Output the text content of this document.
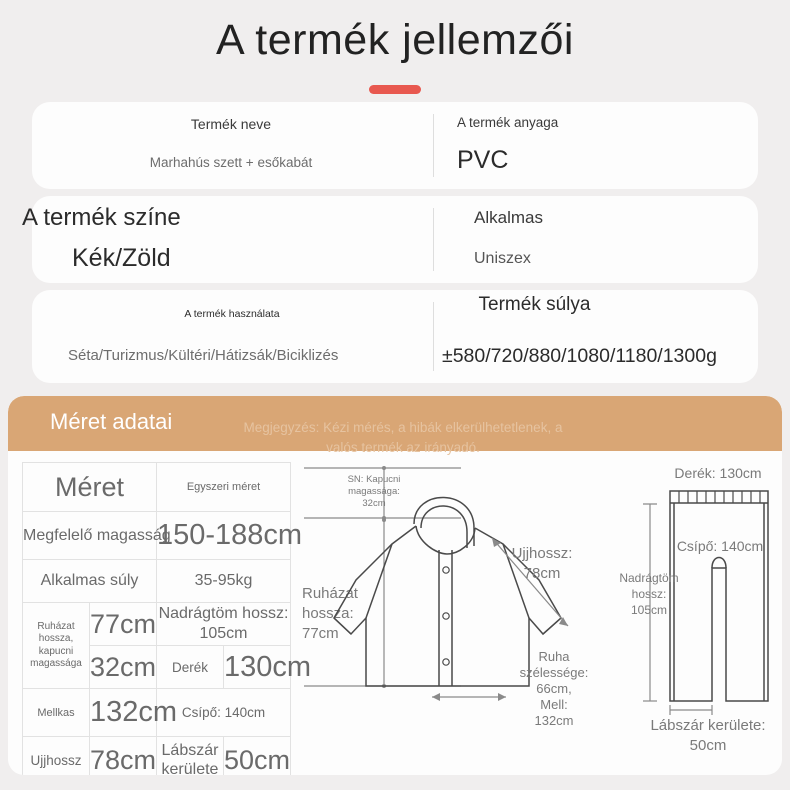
A termék jellemzői
Termék neve
Marhahús szett + esőkabát
A termék anyaga
PVC
A termék színe
Kék/Zöld
Alkalmas
Uniszex
A termék használata
Séta/Turizmus/Kültéri/Hátizsák/Biciklizés
Termék súlya
±580/720/880/1080/1180/1300g
Méret adatai	Megjegyzés: Kézi mérés, a hibák elkerülhetetlenek, a valós termék az irányadó.
Méret		Egyszeri méret	
Megfelelő magasság		150-188cm	
Alkalmas súly		35-95kg	
Ruházat hossza, kapucni magassága	77cm	Nadrágtöm hossz: 105cm	
	32cm	Derék	130cm
Mellkas	132cm	Csípő: 140cm	
Ujjhossz	78cm	Lábszár kerülete	50cm
SN: Kapucni
magassága:
32cm
Ruházat
hossza:
77cm
Ujjhossz:
78cm
Ruha
szélessége:
66cm,
Mell:
132cm
Derék: 130cm
Nadrágtöm
hossz:
105cm
Csípő: 140cm
Lábszár kerülete:
50cm
